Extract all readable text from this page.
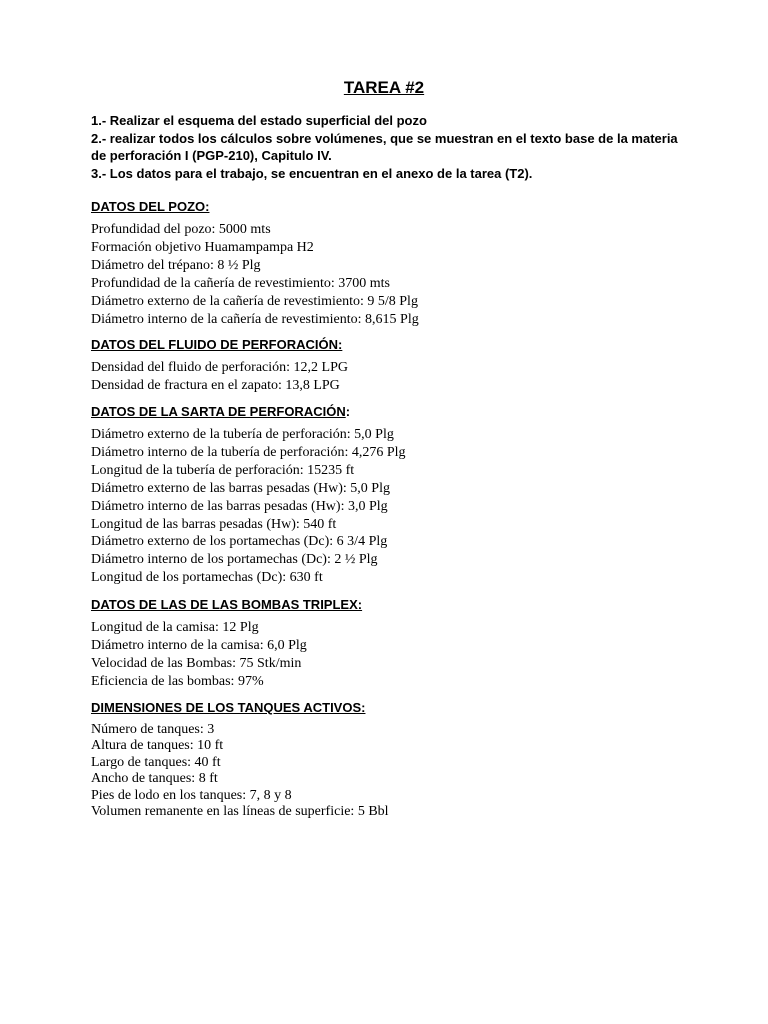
TAREA #2
1.- Realizar el esquema del estado superficial del pozo
2.- realizar todos los cálculos sobre volúmenes, que se muestran en el texto base de la materia
de perforación I (PGP-210), Capitulo IV.
3.- Los datos para el trabajo, se encuentran en el anexo de la tarea (T2).
DATOS DEL POZO:
Profundidad del pozo: 5000 mts
Formación objetivo Huamampampa H2
Diámetro del trépano: 8 ½ Plg
Profundidad de la cañería de revestimiento: 3700 mts
Diámetro externo de la cañería de revestimiento: 9 5/8 Plg
Diámetro interno de la cañería de revestimiento: 8,615 Plg
DATOS DEL FLUIDO DE PERFORACIÓN:
Densidad del fluido de perforación: 12,2 LPG
Densidad de fractura en el zapato: 13,8 LPG
DATOS DE LA SARTA DE PERFORACIÓN:
Diámetro externo de la tubería de perforación: 5,0 Plg
Diámetro interno de la tubería de perforación: 4,276 Plg
Longitud de la tubería de perforación: 15235 ft
Diámetro externo de las barras pesadas (Hw): 5,0 Plg
Diámetro interno de las barras pesadas (Hw): 3,0 Plg
Longitud de las barras pesadas (Hw): 540 ft
Diámetro externo de los portamechas (Dc): 6 3/4 Plg
Diámetro interno de los portamechas (Dc): 2 ½ Plg
Longitud de los portamechas (Dc): 630 ft
DATOS DE LAS DE LAS BOMBAS TRIPLEX:
Longitud de la camisa: 12 Plg
Diámetro interno de la camisa: 6,0 Plg
Velocidad de las Bombas: 75 Stk/min
Eficiencia de las bombas: 97%
DIMENSIONES DE LOS TANQUES ACTIVOS:
Número de tanques: 3
Altura de tanques: 10 ft
Largo de tanques: 40 ft
Ancho de tanques: 8 ft
Pies de lodo en los tanques: 7, 8 y 8
Volumen remanente en las líneas de superficie: 5 Bbl
